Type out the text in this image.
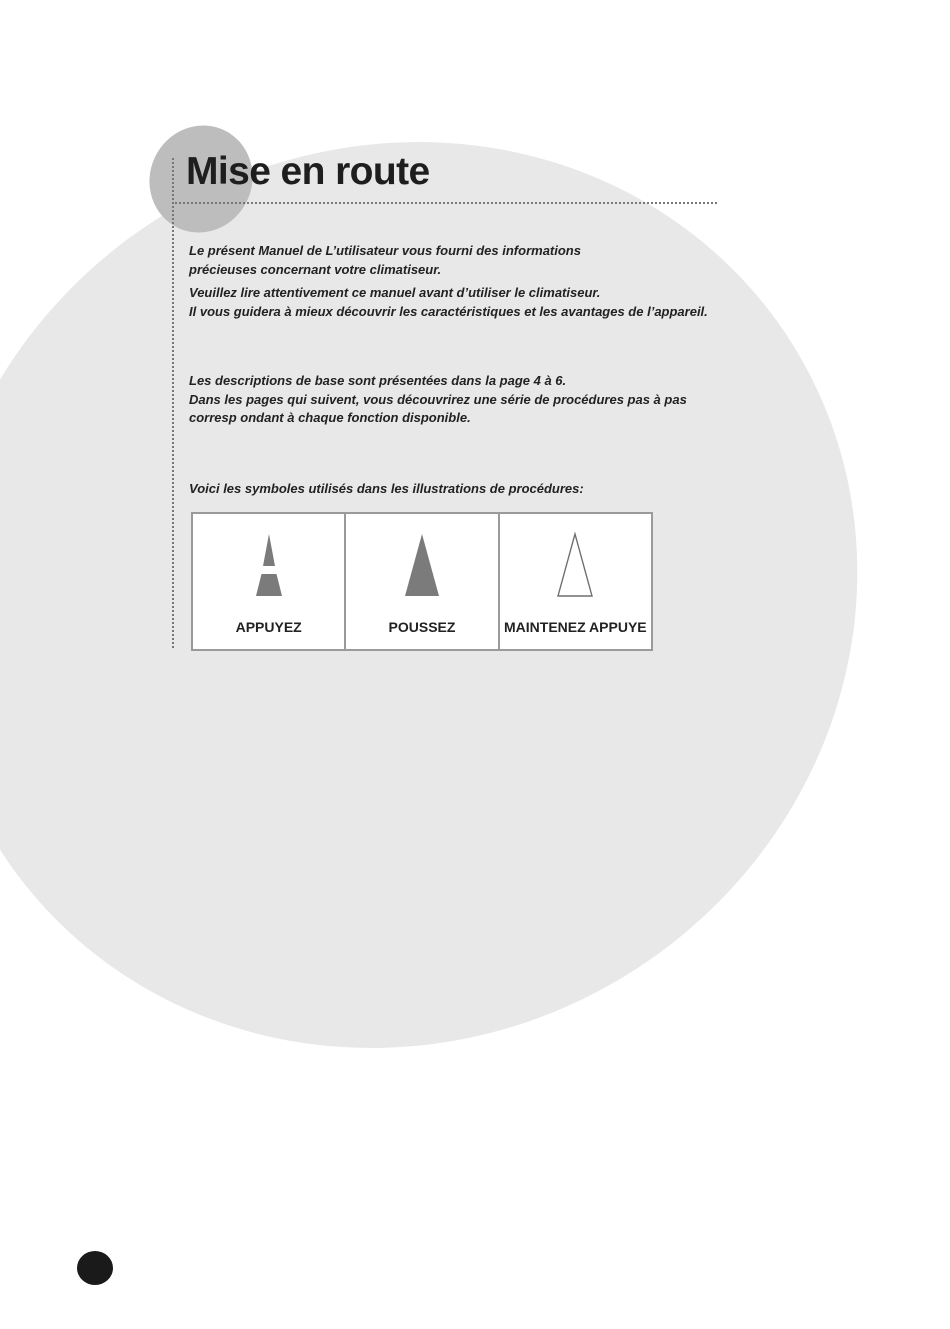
Mise en route

Le présent Manuel de L’utilisateur vous fourni des informations
précieuses concernant votre climatiseur.

Veuillez lire attentivement ce manuel avant d’utiliser le climatiseur.
Il vous guidera à mieux découvrir les caractéristiques et les avantages de l’appareil.

Les descriptions de base sont présentées dans la page 4 à 6.
Dans les pages qui suivent, vous découvrirez une série de procédures pas à pas
corresp ondant à chaque fonction disponible.

Voici les symboles utilisés dans les illustrations de procédures:

APPUYEZ	POUSSEZ	MAINTENEZ APPUYE
